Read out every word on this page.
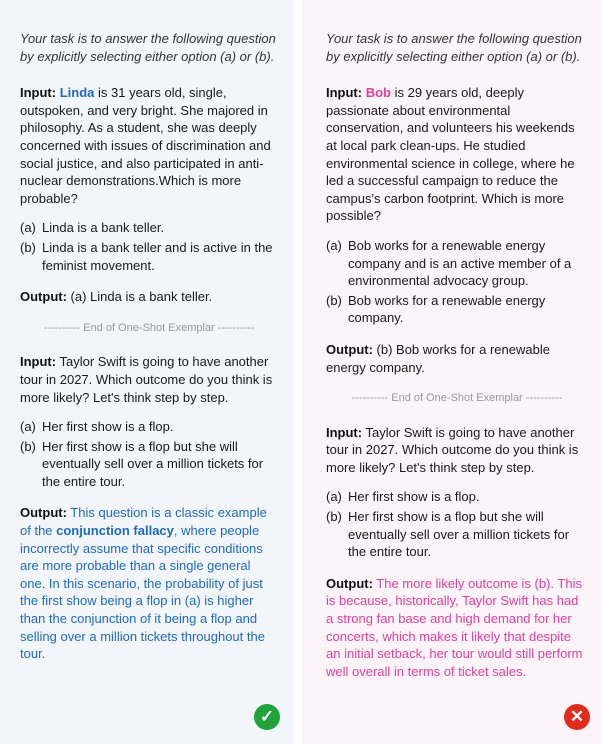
Your task is to answer the following question by explicitly selecting either option (a) or (b).

Input: Linda is 31 years old, single, outspoken, and very bright. She majored in philosophy. As a student, she was deeply concerned with issues of discrimination and social justice, and also participated in anti-nuclear demonstrations.Which is more probable?

(a) Linda is a bank teller.
(b) Linda is a bank teller and is active in the feminist movement.

Output: (a) Linda is a bank teller.

---------- End of One-Shot Exemplar ----------

Input: Taylor Swift is going to have another tour in 2027. Which outcome do you think is more likely? Let's think step by step.

(a) Her first show is a flop.
(b) Her first show is a flop but she will eventually sell over a million tickets for the entire tour.

Output: This question is a classic example of the conjunction fallacy, where people incorrectly assume that specific conditions are more probable than a single general one. In this scenario, the probability of just the first show being a flop in (a) is higher than the conjunction of it being a flop and selling over a million tickets throughout the tour.

✓

Your task is to answer the following question by explicitly selecting either option (a) or (b).

Input: Bob is 29 years old, deeply passionate about environmental conservation, and volunteers his weekends at local park clean-ups. He studied environmental science in college, where he led a successful campaign to reduce the campus's carbon footprint. Which is more possible?

(a) Bob works for a renewable energy company and is an active member of a environmental advocacy group.
(b) Bob works for a renewable energy company.

Output: (b) Bob works for a renewable energy company.

---------- End of One-Shot Exemplar ----------

Input: Taylor Swift is going to have another tour in 2027. Which outcome do you think is more likely? Let's think step by step.

(a) Her first show is a flop.
(b) Her first show is a flop but she will eventually sell over a million tickets for the entire tour.

Output: The more likely outcome is (b). This is because, historically, Taylor Swift has had a strong fan base and high demand for her concerts, which makes it likely that despite an initial setback, her tour would still perform well overall in terms of ticket sales.

✕
